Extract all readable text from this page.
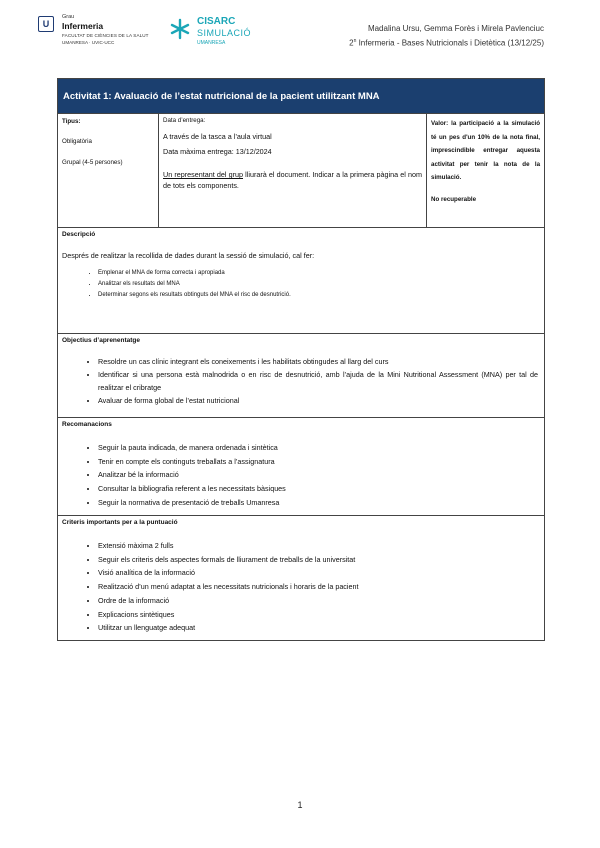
U
Grau
Infermeria
FACULTAT DE CIÈNCIES DE LA SALUT
UMANRESA · UVIC-UCC
CISARC
SIMULACIÓ
UMANRESA
Madalina Ursu, Gemma Forès i Mirela Pavlenciuc
2$^n$ Infermeria - Bases Nutricionals i Dietètica (13/12/25)
Activitat 1: Avaluació de l’estat nutricional de la pacient utilitzant MNA

Tipus:
Obligatòria
Grupal (4-5 persones)

Data d’entrega:
A través de la tasca a l’aula virtual
Data màxima entrega: 13/12/2024
Un representant del grup lliurarà el document. Indicar a la primera pàgina el nom de tots els components.

Valor: la participació a la simulació té un pes d'un 10% de la nota final, imprescindible entregar aquesta activitat per tenir la nota de la simulació.
No recuperable

Descripció
Després de realitzar la recollida de dades durant la sessió de simulació, cal fer:
• Emplenar el MNA de forma correcta i apropiada
• Analitzar els resultats del MNA
• Determinar segons els resultats obtinguts del MNA el risc de desnutrició.

Objectius d’aprenentatge
• Resoldre un cas clínic integrant els coneixements i les habilitats obtingudes al llarg del curs
• Identificar si una persona està malnodrida o en risc de desnutrició, amb l’ajuda de la Mini Nutritional Assessment (MNA) per tal de realitzar el cribratge
• Avaluar de forma global de l’estat nutricional

Recomanacions
• Seguir la pauta indicada, de manera ordenada i sintètica
• Tenir en compte els continguts treballats a l’assignatura
• Analitzar bé la informació
• Consultar la bibliografia referent a les necessitats bàsiques
• Seguir la normativa de presentació de treballs Umanresa

Criteris importants per a la puntuació
• Extensió màxima 2 fulls
• Seguir els criteris dels aspectes formals de lliurament de treballs de la universitat
• Visió analítica de la informació
• Realització d’un menú adaptat a les necessitats nutricionals i horaris de la pacient
• Ordre de la informació
• Explicacions sintètiques
• Utilitzar un llenguatge adequat
1
